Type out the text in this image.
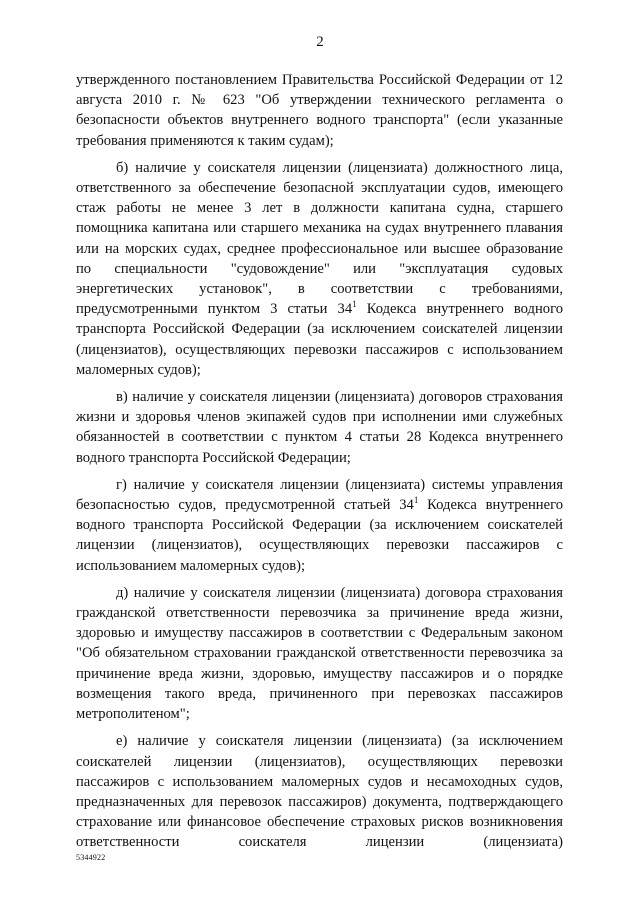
2

утвержденного постановлением Правительства Российской Федерации от 12 августа 2010 г. № 623 "Об утверждении технического регламента о безопасности объектов внутреннего водного транспорта" (если указанные требования применяются к таким судам);

б) наличие у соискателя лицензии (лицензиата) должностного лица, ответственного за обеспечение безопасной эксплуатации судов, имеющего стаж работы не менее 3 лет в должности капитана судна, старшего помощника капитана или старшего механика на судах внутреннего плавания или на морских судах, среднее профессиональное или высшее образование по специальности "судовождение" или "эксплуатация судовых энергетических установок", в соответствии с требованиями, предусмотренными пунктом 3 статьи $34^1$ Кодекса внутреннего водного транспорта Российской Федерации (за исключением соискателей лицензии (лицензиатов), осуществляющих перевозки пассажиров с использованием маломерных судов);

в) наличие у соискателя лицензии (лицензиата) договоров страхования жизни и здоровья членов экипажей судов при исполнении ими служебных обязанностей в соответствии с пунктом 4 статьи 28 Кодекса внутреннего водного транспорта Российской Федерации;

г) наличие у соискателя лицензии (лицензиата) системы управления безопасностью судов, предусмотренной статьей $34^1$ Кодекса внутреннего водного транспорта Российской Федерации (за исключением соискателей лицензии (лицензиатов), осуществляющих перевозки пассажиров с использованием маломерных судов);

д) наличие у соискателя лицензии (лицензиата) договора страхования гражданской ответственности перевозчика за причинение вреда жизни, здоровью и имуществу пассажиров в соответствии с Федеральным законом "Об обязательном страховании гражданской ответственности перевозчика за причинение вреда жизни, здоровью, имуществу пассажиров и о порядке возмещения такого вреда, причиненного при перевозках пассажиров метрополитеном";

е) наличие у соискателя лицензии (лицензиата) (за исключением соискателей лицензии (лицензиатов), осуществляющих перевозки пассажиров с использованием маломерных судов и несамоходных судов, предназначенных для перевозок пассажиров) документа, подтверждающего страхование или финансовое обеспечение страховых рисков возникновения ответственности соискателя лицензии (лицензиата)

5344922
